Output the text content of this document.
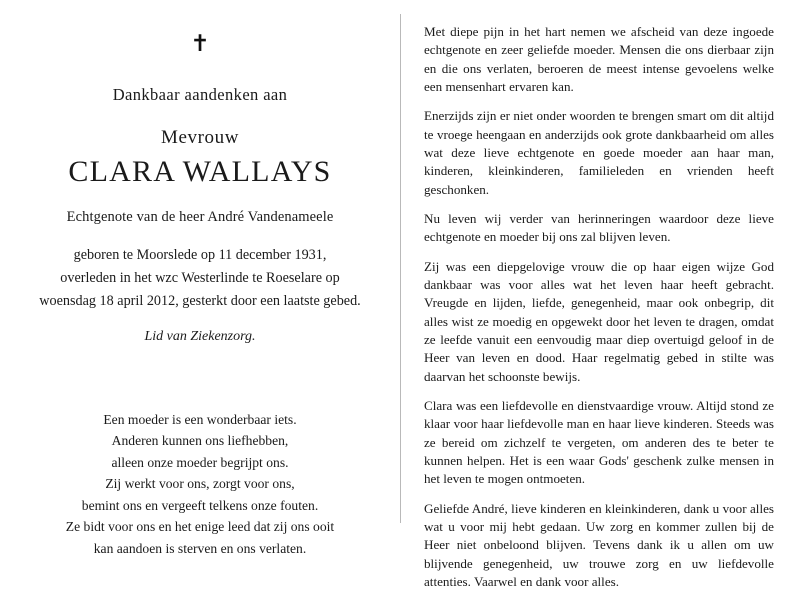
✝
Dankbaar aandenken aan
Mevrouw
CLARA WALLAYS
Echtgenote van de heer André Vandenameele
geboren te Moorslede op 11 december 1931,
overleden in het wzc Westerlinde te Roeselare op
woensdag 18 april 2012, gesterkt door een laatste gebed.
Lid van Ziekenzorg.
Een moeder is een wonderbaar iets.
Anderen kunnen ons liefhebben,
alleen onze moeder begrijpt ons.
Zij werkt voor ons, zorgt voor ons,
bemint ons en vergeeft telkens onze fouten.
Ze bidt voor ons en het enige leed dat zij ons ooit
kan aandoen is sterven en ons verlaten.

Met diepe pijn in het hart nemen we afscheid van deze ingoede echtgenote en zeer geliefde moeder. Mensen die ons dierbaar zijn en die ons verlaten, beroeren de meest intense gevoelens welke een mensenhart ervaren kan.

Enerzijds zijn er niet onder woorden te brengen smart om dit altijd te vroege heengaan en anderzijds ook grote dankbaarheid om alles wat deze lieve echtgenote en goede moeder aan haar man, kinderen, kleinkinderen, familieleden en vrienden heeft geschonken.

Nu leven wij verder van herinneringen waardoor deze lieve echtgenote en moeder bij ons zal blijven leven.

Zij was een diepgelovige vrouw die op haar eigen wijze God dankbaar was voor alles wat het leven haar heeft gebracht. Vreugde en lijden, liefde, genegenheid, maar ook onbegrip, dit alles wist ze moedig en opgewekt door het leven te dragen, omdat ze leefde vanuit een eenvoudig maar diep overtuigd geloof in de Heer van leven en dood. Haar regelmatig gebed in stilte was daarvan het schoonste bewijs.

Clara was een liefdevolle en dienstvaardige vrouw. Altijd stond ze klaar voor haar liefdevolle man en haar lieve kinderen. Steeds was ze bereid om zichzelf te vergeten, om anderen des te beter te kunnen helpen. Het is een waar Gods' geschenk zulke mensen in het leven te mogen ontmoeten.

Geliefde André, lieve kinderen en kleinkinderen, dank u voor alles wat u voor mij hebt gedaan. Uw zorg en kommer zullen bij de Heer niet onbeloond blijven. Tevens dank ik u allen om uw blijvende genegenheid, uw trouwe zorg en uw liefdevolle attenties. Vaarwel en dank voor alles.
